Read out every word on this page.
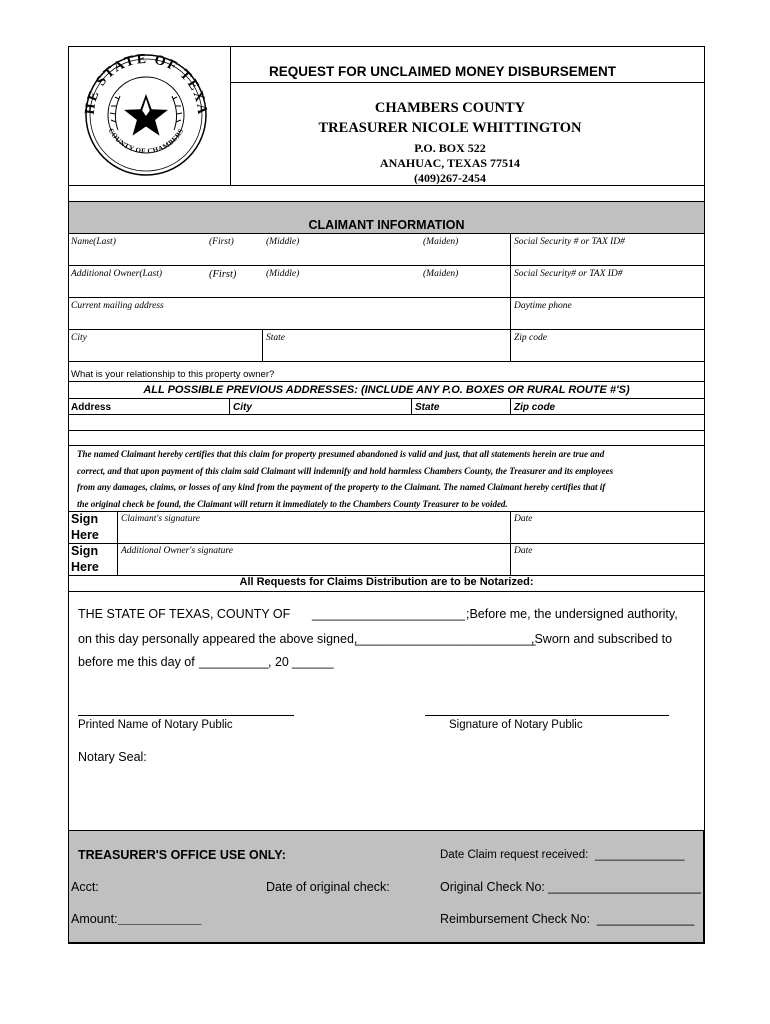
HE STATE OF TEXA
COUNTY OF CHAMBERS
REQUEST FOR UNCLAIMED MONEY DISBURSEMENT
CHAMBERS COUNTY
TREASURER NICOLE WHITTINGTON
P.O. BOX 522
ANAHUAC, TEXAS 77514
(409)267-2454
CLAIMANT INFORMATION
Name(Last)	(First)	(Middle)	(Maiden)	Social Security # or TAX ID#
Additional Owner(Last)	(First)	(Middle)	(Maiden)	Social Security# or TAX ID#
Current mailing address	Daytime phone
City	State	Zip code
What is your relationship to this property owner?
ALL POSSIBLE PREVIOUS ADDRESSES: (INCLUDE ANY P.O. BOXES OR RURAL ROUTE #'S)
Address	City	State	Zip code
The named Claimant hereby certifies that this claim for property presumed abandoned is valid and just, that all statements herein are true and
correct, and that upon payment of this claim said Claimant will indemnify and hold harmless Chambers County, the Treasurer and its employees
from any damages, claims, or losses of any kind from the payment of the property to the Claimant. The named Claimant hereby certifies that if
the original check be found, the Claimant will return it immediately to the Chambers County Treasurer to be voided.
Sign
Here
Claimant's signature	Date
Sign
Here
Additional Owner's signature	Date
All Requests for Claims Distribution are to be Notarized:
THE STATE OF TEXAS, COUNTY OF ______________________ ;Before me, the undersigned authority,
on this day personally appeared the above signed,
__________________________
,Sworn and subscribed to
before me this day of __________ , 20 ______
Printed Name of Notary Public	Signature of Notary Public
Notary Seal:
TREASURER'S OFFICE USE ONLY:	Date Claim request received: ______________
Acct:	Date of original check:	Original Check No: ______________________
Amount: ____________	Reimbursement Check No: ______________
